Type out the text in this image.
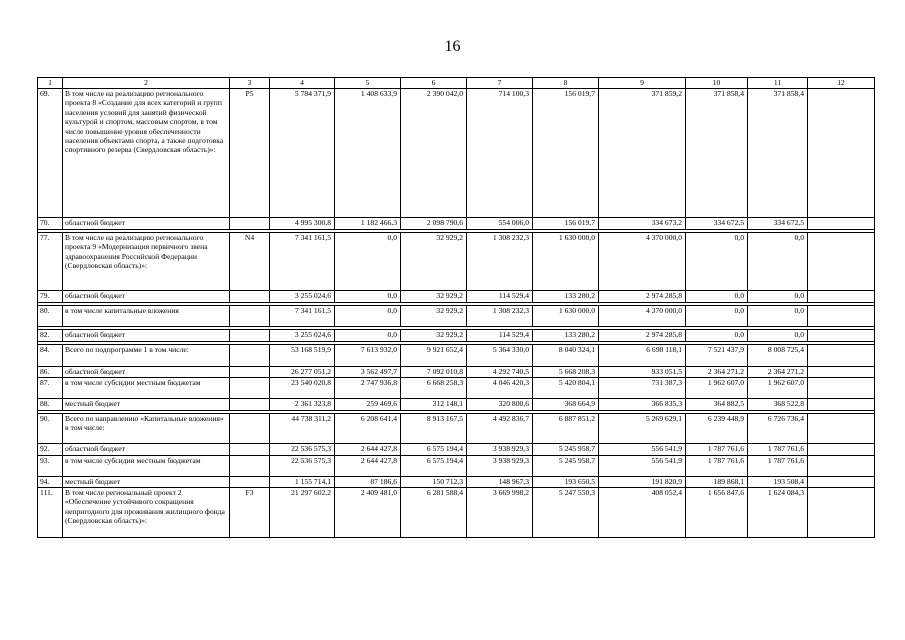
16
1	2	3	4	5	6	7	8	9	10	11	12
69.	В том числе на реализацию регионального проекта 8 «Создание для всех категорий и групп населения условий для занятий физической культурой и спортом, массовым спортом, в том числе повышение уровня обеспеченности населения объектами спорта, а также подготовка спортивного резерва (Свердловская область)»:	P5	5 784 371,9	1 408 633,9	2 390 042,0	714 100,3	156 019,7	371 859,2	371 858,4	371 858,4	
70.	областной бюджет		4 995 300,8	1 182 466,3	2 098 790,6	554 006,0	156 019,7	334 673,2	334 672,5	334 672,5	

77.	В том числе на реализацию регионального проекта 9 «Модернизация первичного звена здравоохранения Российской Федерации (Свердловская область)»:	N4	7 341 161,5	0,0	32 929,2	1 308 232,3	1 630 000,0	4 370 000,0	0,0	0,0	
79.	областной бюджет		3 255 024,6	0,0	32 929,2	114 529,4	133 280,2	2 974 285,8	0,0	0,0	

80.	в том числе капитальные вложения		7 341 161,5	0,0	32 929,2	1 308 232,3	1 630 000,0	4 370 000,0	0,0	0,0	

82.	областной бюджет		3 255 024,6	0,0	32 929,2	114 529,4	133 280,2	2 974 285,8	0,0	0,0	

84.	Всего по подпрограмме 1 в том числе:		53 168 519,9	7 613 932,0	9 921 652,4	5 364 330,0	8 040 324,1	6 698 118,1	7 521 437,9	8 008 725,4	
86.	областной бюджет		26 277 051,2	3 562 497,7	7 092 010,8	4 292 740,5	5 668 208,3	933 051,5	2 364 271,2	2 364 271,2	
87.	в том числе субсидии местным бюджетам		23 540 020,8	2 747 936,8	6 668 258,3	4 046 420,3	5 420 804,1	731 387,3	1 962 607,0	1 962 607,0	
88.	местный бюджет		2 361 323,8	259 469,6	312 148,1	320 800,6	368 664,9	366 835,3	364 882,5	368 522,8	

90.	Всего по направлению «Капитальные вложения» в том числе:		44 738 311,2	6 208 641,4	8 913 167,5	4 492 836,7	6 887 851,2	5 269 629,1	6 239 448,9	6 726 736,4	
92.	областной бюджет		22 536 575,3	2 644 427,8	6 575 194,4	3 938 929,3	5 245 958,7	556 541,9	1 787 761,6	1 787 761,6	
93.	в том числе субсидии местным бюджетам		22 536 575,3	2 644 427,8	6 575 194,4	3 938 929,3	5 245 958,7	556 541,9	1 787 761,6	1 787 761,6	
94.	местный бюджет		1 155 714,1	87 186,6	150 712,3	148 967,3	193 650,5	191 820,9	189 868,1	193 508,4	
111.	В том числе региональный проект 2 «Обеспечение устойчивого сокращения непригодного для проживания жилищного фонда (Свердловская область)»:	F3	21 297 602,2	2 409 481,0	6 281 588,4	3 669 998,2	5 247 550,3	408 052,4	1 656 847,6	1 624 084,3	
